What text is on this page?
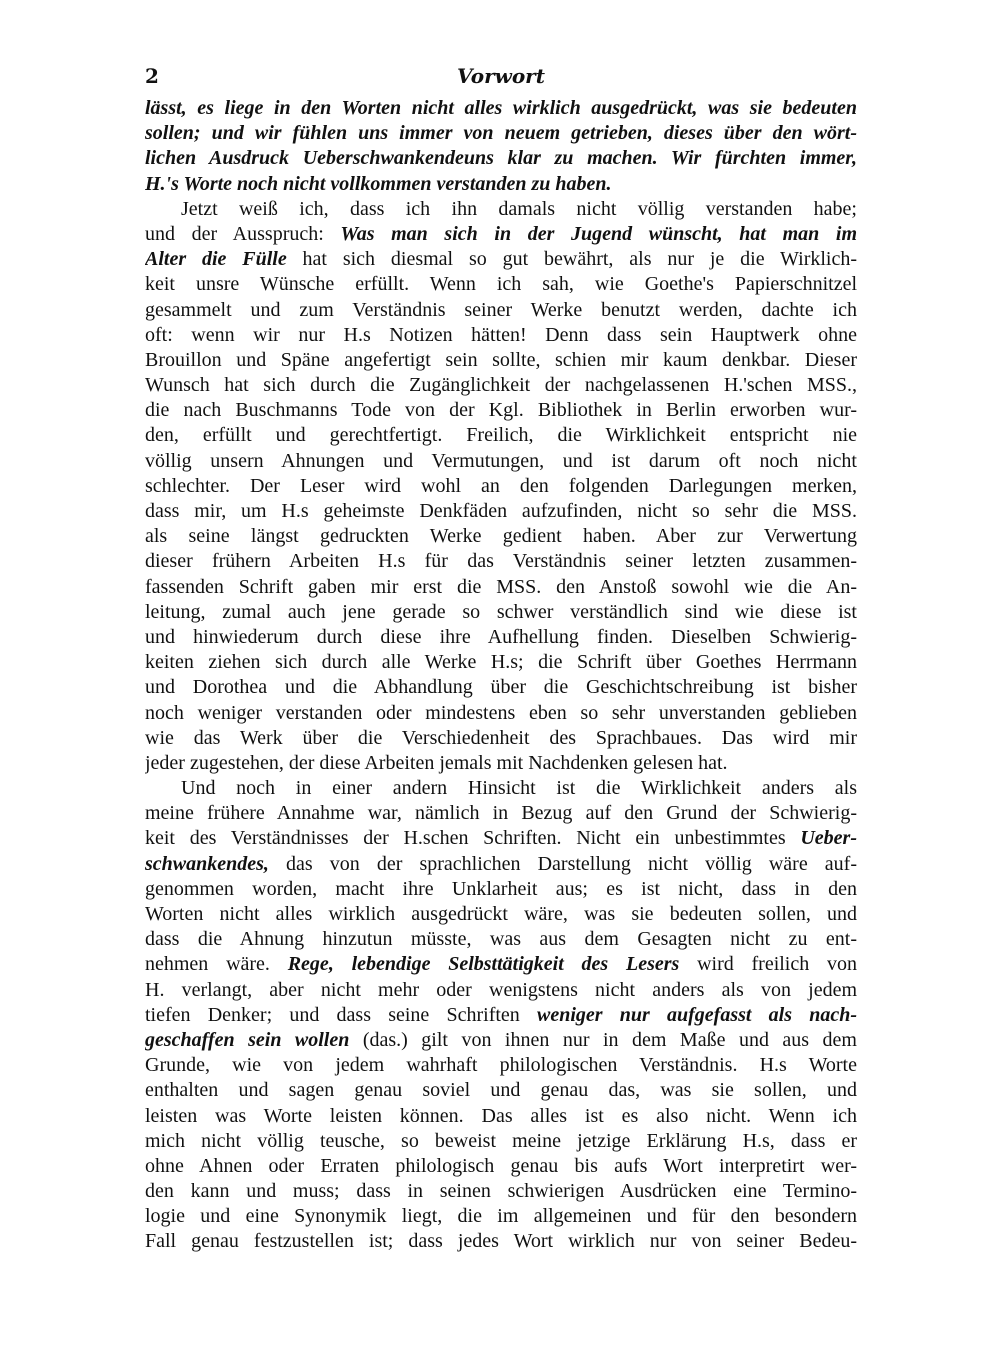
2	Vorwort
lässt, es liege in den Worten nicht alles wirklich ausgedrückt, was sie bedeuten
sollen; und wir fühlen uns immer von neuem getrieben, dieses über den wört-
lichen Ausdruck Ueberschwankendeuns klar zu machen. Wir fürchten immer,
H.'s Worte noch nicht vollkommen verstanden zu haben.
Jetzt weiß ich, dass ich ihn damals nicht völlig verstanden habe;
und der Ausspruch: Was man sich in der Jugend wünscht, hat man im
Alter die Fülle hat sich diesmal so gut bewährt, als nur je die Wirklich-
keit unsre Wünsche erfüllt. Wenn ich sah, wie Goethe's Papierschnitzel
gesammelt und zum Verständnis seiner Werke benutzt werden, dachte ich
oft: wenn wir nur H.s Notizen hätten! Denn dass sein Hauptwerk ohne
Brouillon und Späne angefertigt sein sollte, schien mir kaum denkbar. Dieser
Wunsch hat sich durch die Zugänglichkeit der nachgelassenen H.'schen MSS.,
die nach Buschmanns Tode von der Kgl. Bibliothek in Berlin erworben wur-
den, erfüllt und gerechtfertigt. Freilich, die Wirklichkeit entspricht nie
völlig unsern Ahnungen und Vermutungen, und ist darum oft noch nicht
schlechter. Der Leser wird wohl an den folgenden Darlegungen merken,
dass mir, um H.s geheimste Denkfäden aufzufinden, nicht so sehr die MSS.
als seine längst gedruckten Werke gedient haben. Aber zur Verwertung
dieser frühern Arbeiten H.s für das Verständnis seiner letzten zusammen-
fassenden Schrift gaben mir erst die MSS. den Anstoß sowohl wie die An-
leitung, zumal auch jene gerade so schwer verständlich sind wie diese ist
und hinwiederum durch diese ihre Aufhellung finden. Dieselben Schwierig-
keiten ziehen sich durch alle Werke H.s; die Schrift über Goethes Herrmann
und Dorothea und die Abhandlung über die Geschichtschreibung ist bisher
noch weniger verstanden oder mindestens eben so sehr unverstanden geblieben
wie das Werk über die Verschiedenheit des Sprachbaues. Das wird mir
jeder zugestehen, der diese Arbeiten jemals mit Nachdenken gelesen hat.
Und noch in einer andern Hinsicht ist die Wirklichkeit anders als
meine frühere Annahme war, nämlich in Bezug auf den Grund der Schwierig-
keit des Verständnisses der H.schen Schriften. Nicht ein unbestimmtes Ueber-
schwankendes, das von der sprachlichen Darstellung nicht völlig wäre auf-
genommen worden, macht ihre Unklarheit aus; es ist nicht, dass in den
Worten nicht alles wirklich ausgedrückt wäre, was sie bedeuten sollen, und
dass die Ahnung hinzutun müsste, was aus dem Gesagten nicht zu ent-
nehmen wäre. Rege, lebendige Selbsttätigkeit des Lesers wird freilich von
H. verlangt, aber nicht mehr oder wenigstens nicht anders als von jedem
tiefen Denker; und dass seine Schriften weniger nur aufgefasst als nach-
geschaffen sein wollen (das.) gilt von ihnen nur in dem Maße und aus dem
Grunde, wie von jedem wahrhaft philologischen Verständnis. H.s Worte
enthalten und sagen genau soviel und genau das, was sie sollen, und
leisten was Worte leisten können. Das alles ist es also nicht. Wenn ich
mich nicht völlig teusche, so beweist meine jetzige Erklärung H.s, dass er
ohne Ahnen oder Erraten philologisch genau bis aufs Wort interpretirt wer-
den kann und muss; dass in seinen schwierigen Ausdrücken eine Termino-
logie und eine Synonymik liegt, die im allgemeinen und für den besondern
Fall genau festzustellen ist; dass jedes Wort wirklich nur von seiner Bedeu-
